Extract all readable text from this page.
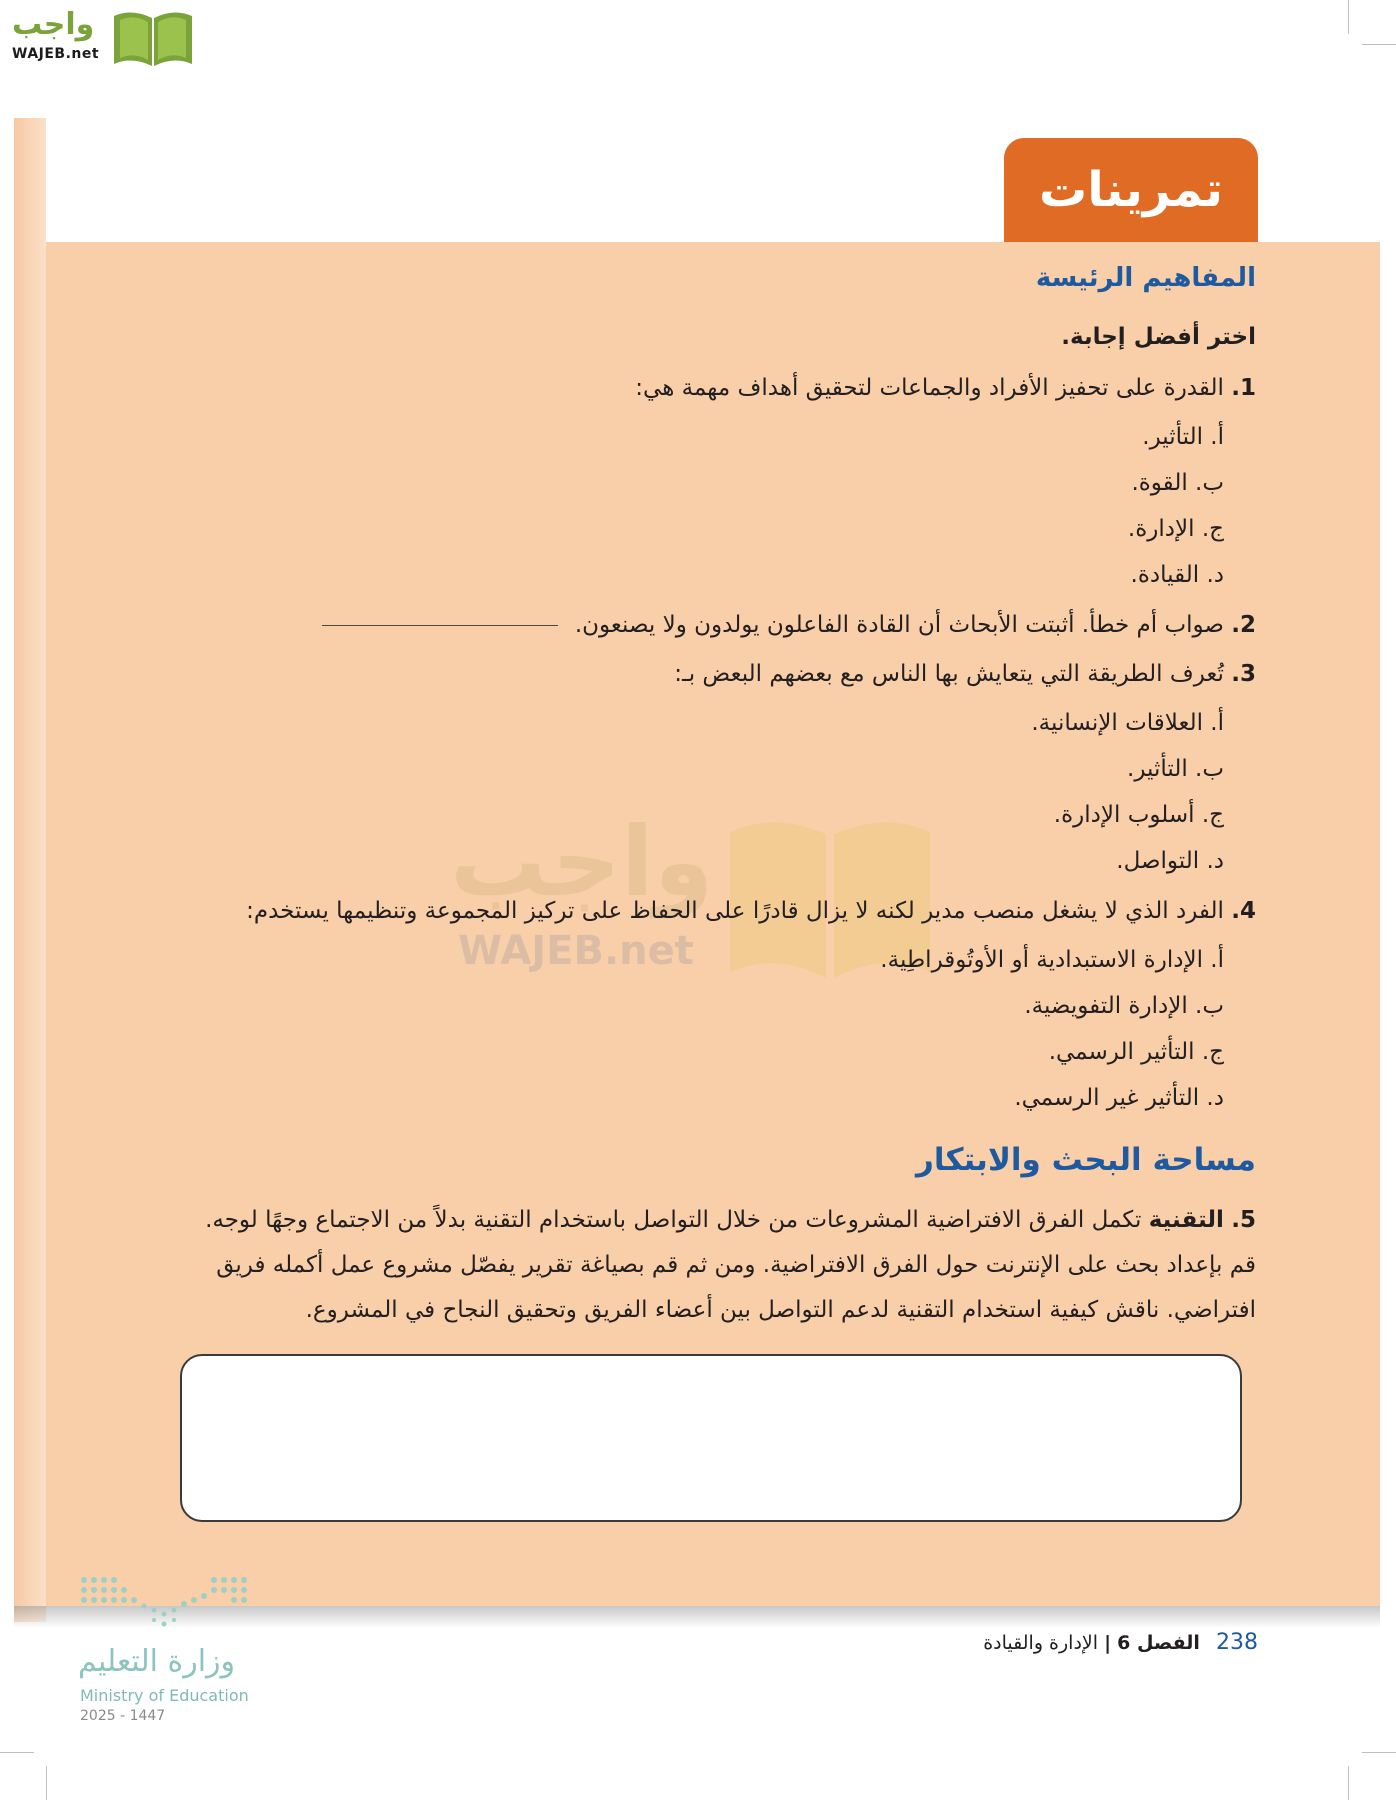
واجب
WAJEB.net
تمرينات
واجب
WAJEB.net
المفاهيم الرئيسة
اختر أفضل إجابة.
1. القدرة على تحفيز الأفراد والجماعات لتحقيق أهداف مهمة هي:
أ. التأثير.
ب. القوة.
ج. الإدارة.
د. القيادة.
2. صواب أم خطأ. أثبتت الأبحاث أن القادة الفاعلون يولدون ولا يصنعون.
3. تُعرف الطريقة التي يتعايش بها الناس مع بعضهم البعض بـ:
أ. العلاقات الإنسانية.
ب. التأثير.
ج. أسلوب الإدارة.
د. التواصل.
4. الفرد الذي لا يشغل منصب مدير لكنه لا يزال قادرًا على الحفاظ على تركيز المجموعة وتنظيمها يستخدم:
أ. الإدارة الاستبدادية أو الأوتُوقراطِية.
ب. الإدارة التفويضية.
ج. التأثير الرسمي.
د. التأثير غير الرسمي.
مساحة البحث والابتكار
5. التقنية تكمل الفرق الافتراضية المشروعات من خلال التواصل باستخدام التقنية بدلاً من الاجتماع وجهًا لوجه.
قم بإعداد بحث على الإنترنت حول الفرق الافتراضية. ومن ثم قم بصياغة تقرير يفصّل مشروع عمل أكمله فريق
افتراضي. ناقش كيفية استخدام التقنية لدعم التواصل بين أعضاء الفريق وتحقيق النجاح في المشروع.
وزارة التعليم
Ministry of Education
2025 - 1447
238 الفصل 6 | الإدارة والقيادة
